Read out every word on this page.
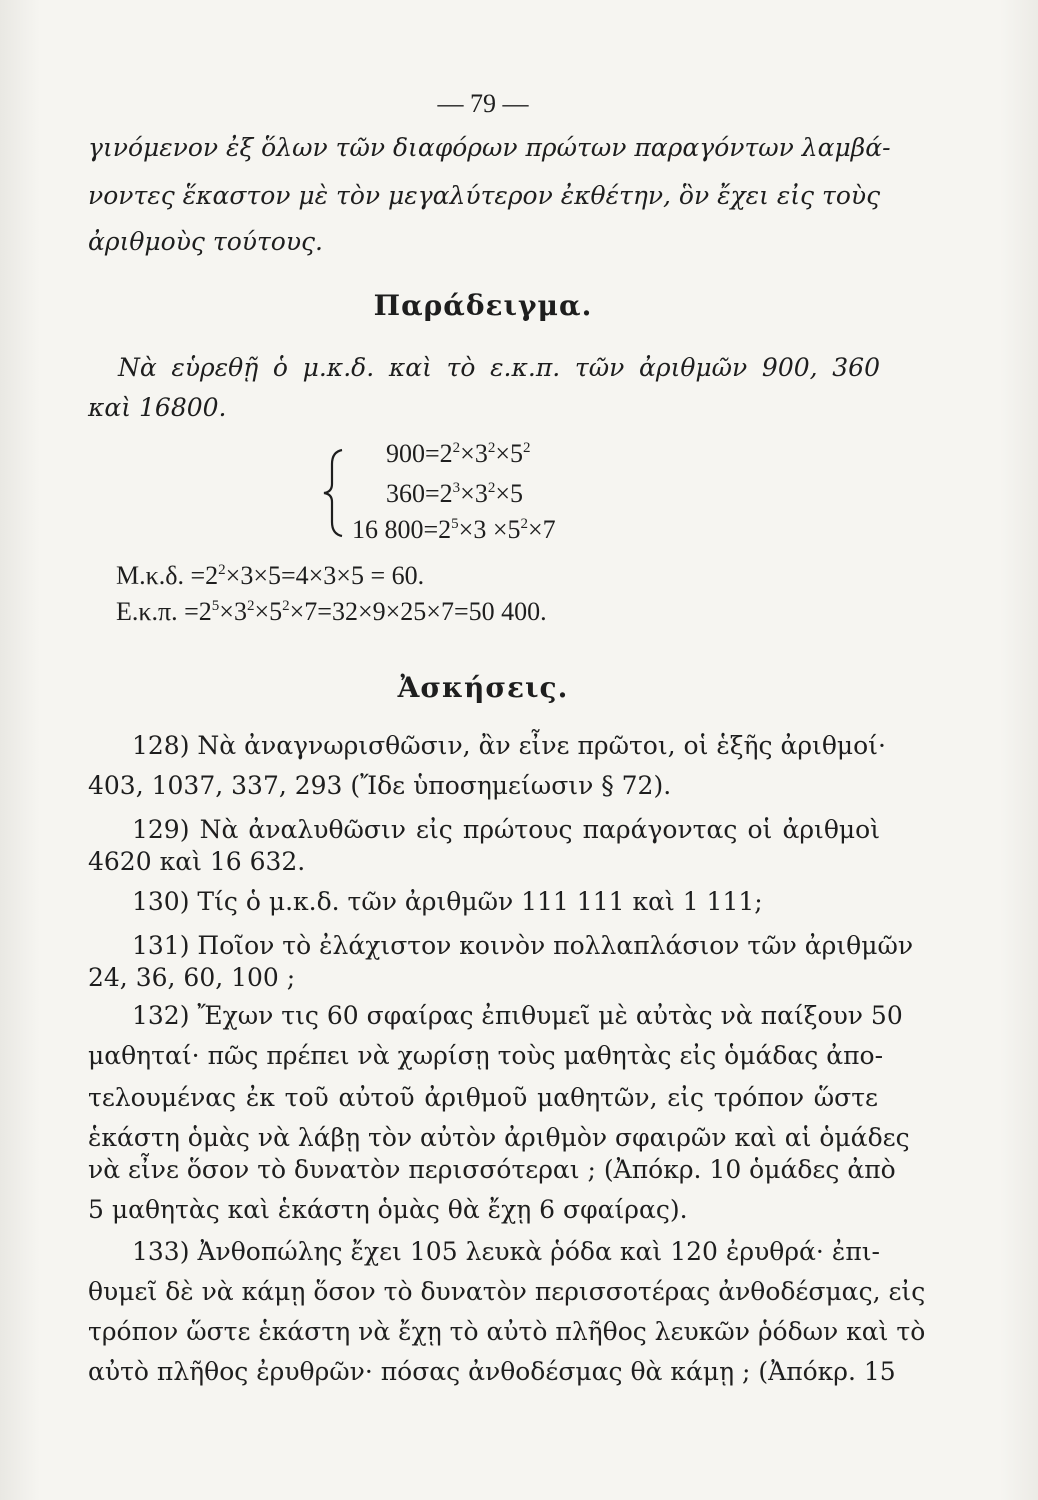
— 79 —
γινόμενον ἐξ ὅλων τῶν διαφόρων πρώτων παραγόντων λαμβά-
νοντες ἕκαστον μὲ τὸν μεγαλύτερον ἐκθέτην, ὃν ἔχει εἰς τοὺς
ἀριθμοὺς τούτους.
Παράδειγμα.
Νὰ εὑρεθῇ ὁ μ.κ.δ. καὶ τὸ ε.κ.π. τῶν ἀριθμῶν 900, 360
καὶ 16800.
$900=2^2\times 3^2\times 5^2$
$360=2^3\times 3^2\times 5$
16 $800=2^5\times 3 \times 5^2\times 7$
Μ.κ.δ. $=2^2\times 3\times 5=4\times 3\times 5 = 60$.
Ε.κ.π. $=2^5\times 3^2\times 5^2\times 7=32\times 9\times 25\times 7=50$ 400.
Ἀσκήσεις.
128) Νὰ ἀναγνωρισθῶσιν, ἂν εἶνε πρῶτοι, οἱ ἑξῆς ἀριθμοί·
403, 1037, 337, 293 (Ἴδε ὑποσημείωσιν § 72).
129) Νὰ ἀναλυθῶσιν εἰς πρώτους παράγοντας οἱ ἀριθμοὶ
4620 καὶ 16 632.
130) Τίς ὁ μ.κ.δ. τῶν ἀριθμῶν 111 111 καὶ 1 111;
131) Ποῖον τὸ ἐλάχιστον κοινὸν πολλαπλάσιον τῶν ἀριθμῶν
24, 36, 60, 100 ;
132) Ἔχων τις 60 σφαίρας ἐπιθυμεῖ μὲ αὐτὰς νὰ παίξουν 50
μαθηταί· πῶς πρέπει νὰ χωρίσῃ τοὺς μαθητὰς εἰς ὁμάδας ἀπο-
τελουμένας ἐκ τοῦ αὐτοῦ ἀριθμοῦ μαθητῶν, εἰς τρόπον ὥστε
ἑκάστη ὁμὰς νὰ λάβῃ τὸν αὐτὸν ἀριθμὸν σφαιρῶν καὶ αἱ ὁμάδες
νὰ εἶνε ὅσον τὸ δυνατὸν περισσότεραι ; (Ἀπόκρ. 10 ὁμάδες ἀπὸ
5 μαθητὰς καὶ ἑκάστη ὁμὰς θὰ ἔχῃ 6 σφαίρας).
133) Ἀνθοπώλης ἔχει 105 λευκὰ ῥόδα καὶ 120 ἐρυθρά· ἐπι-
θυμεῖ δὲ νὰ κάμῃ ὅσον τὸ δυνατὸν περισσοτέρας ἀνθοδέσμας, εἰς
τρόπον ὥστε ἑκάστη νὰ ἔχῃ τὸ αὐτὸ πλῆθος λευκῶν ῥόδων καὶ τὸ
αὐτὸ πλῆθος ἐρυθρῶν· πόσας ἀνθοδέσμας θὰ κάμῃ ; (Ἀπόκρ. 15
